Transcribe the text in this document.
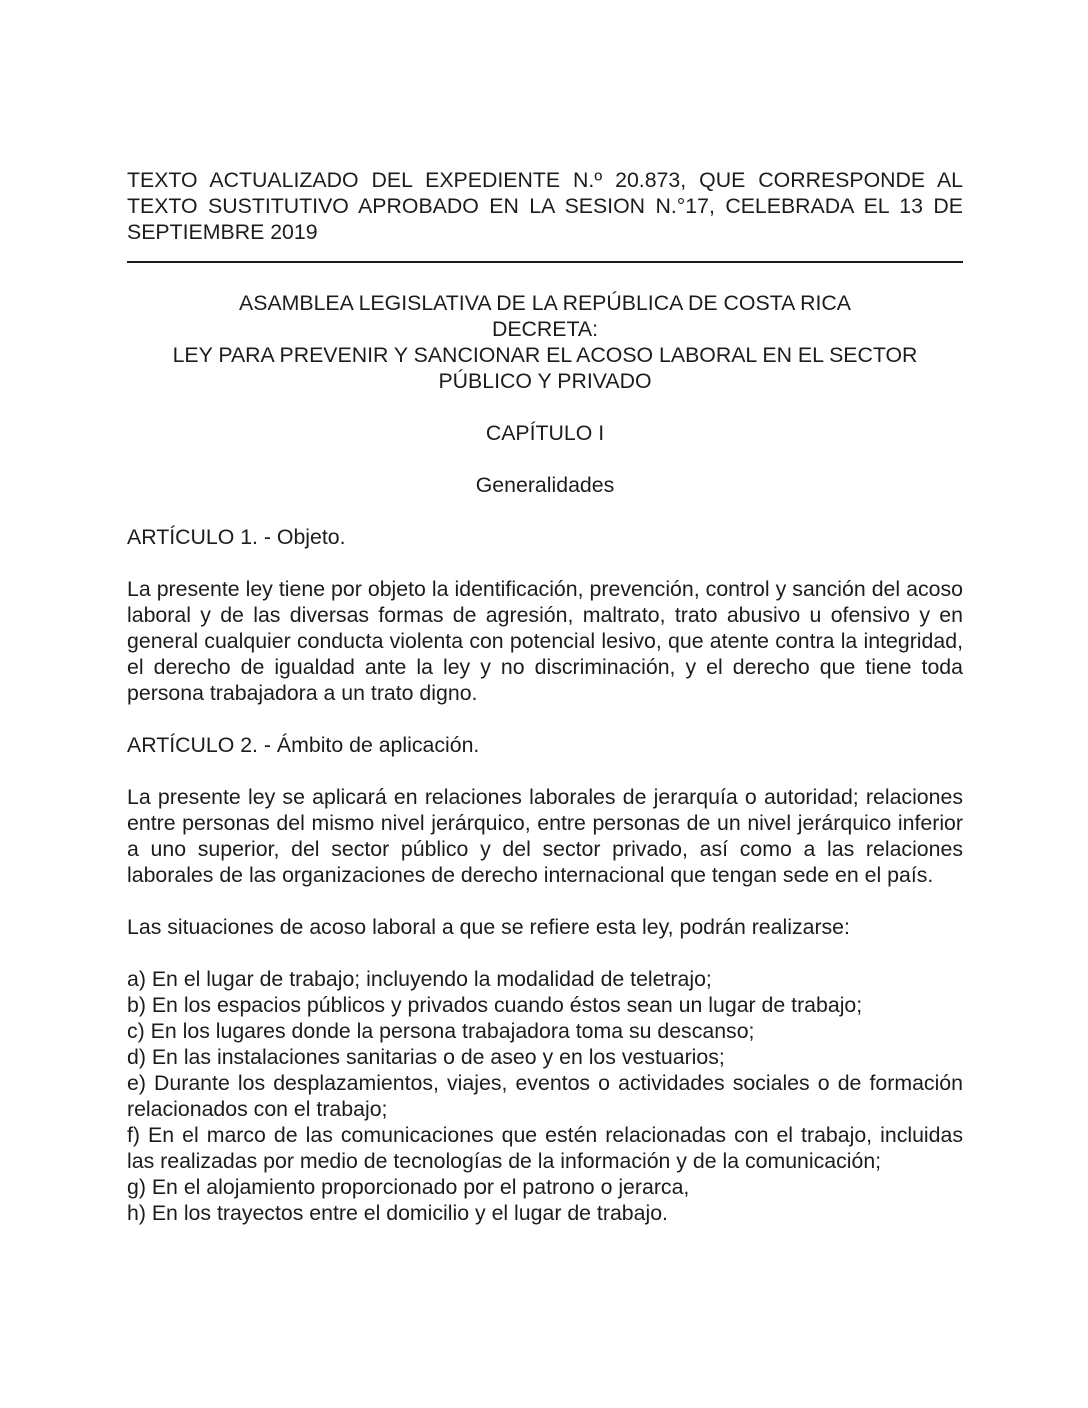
TEXTO ACTUALIZADO DEL EXPEDIENTE N.º 20.873, QUE CORRESPONDE AL TEXTO SUSTITUTIVO APROBADO EN LA SESION N.°17, CELEBRADA EL 13 DE SEPTIEMBRE 2019

ASAMBLEA LEGISLATIVA DE LA REPÚBLICA DE COSTA RICA
DECRETA:
LEY PARA PREVENIR Y SANCIONAR EL ACOSO LABORAL EN EL SECTOR PÚBLICO Y PRIVADO

CAPÍTULO I

Generalidades

ARTÍCULO 1. - Objeto.

La presente ley tiene por objeto la identificación, prevención, control y sanción del acoso laboral y de las diversas formas de agresión, maltrato, trato abusivo u ofensivo y en general cualquier conducta violenta con potencial lesivo, que atente contra la integridad, el derecho de igualdad ante la ley y no discriminación, y el derecho que tiene toda persona trabajadora a un trato digno.

ARTÍCULO 2. - Ámbito de aplicación.

La presente ley se aplicará en relaciones laborales de jerarquía o autoridad; relaciones entre personas del mismo nivel jerárquico, entre personas de un nivel jerárquico inferior a uno superior, del sector público y del sector privado, así como a las relaciones laborales de las organizaciones de derecho internacional que tengan sede en el país.

Las situaciones de acoso laboral a que se refiere esta ley, podrán realizarse:

a) En el lugar de trabajo; incluyendo la modalidad de teletrajo;
b) En los espacios públicos y privados cuando éstos sean un lugar de trabajo;
c) En los lugares donde la persona trabajadora toma su descanso;
d) En las instalaciones sanitarias o de aseo y en los vestuarios;
e) Durante los desplazamientos, viajes, eventos o actividades sociales o de formación relacionados con el trabajo;
f) En el marco de las comunicaciones que estén relacionadas con el trabajo, incluidas las realizadas por medio de tecnologías de la información y de la comunicación;
g) En el alojamiento proporcionado por el patrono o jerarca,
h) En los trayectos entre el domicilio y el lugar de trabajo.
